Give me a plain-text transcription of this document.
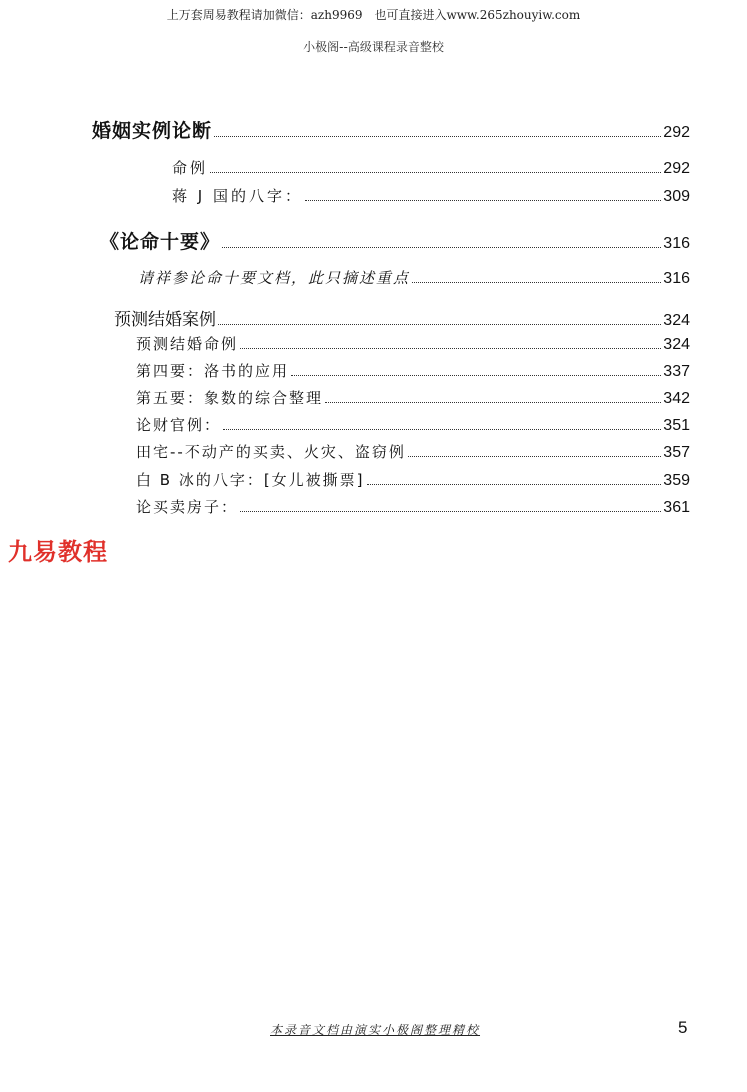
上万套周易教程请加微信：azh9969　也可直接进入www.265zhouyiw.com
小极阁--高级课程录音整校
婚姻实例论断	292
命例	292
蒋 J 国的八字：	309
《论命十要》	316
请祥参论命十要文档，此只摘述重点	316
预测结婚案例	324
预测结婚命例	324
第四要：洛书的应用	337
第五要：象数的综合整理	342
论财官例：	351
田宅--不动产的买卖、火灾、盗窃例	357
白 B 冰的八字：[女儿被撕票]	359
论买卖房子：	361
九易教程
本录音文档由演实小极阁整理精校	5
